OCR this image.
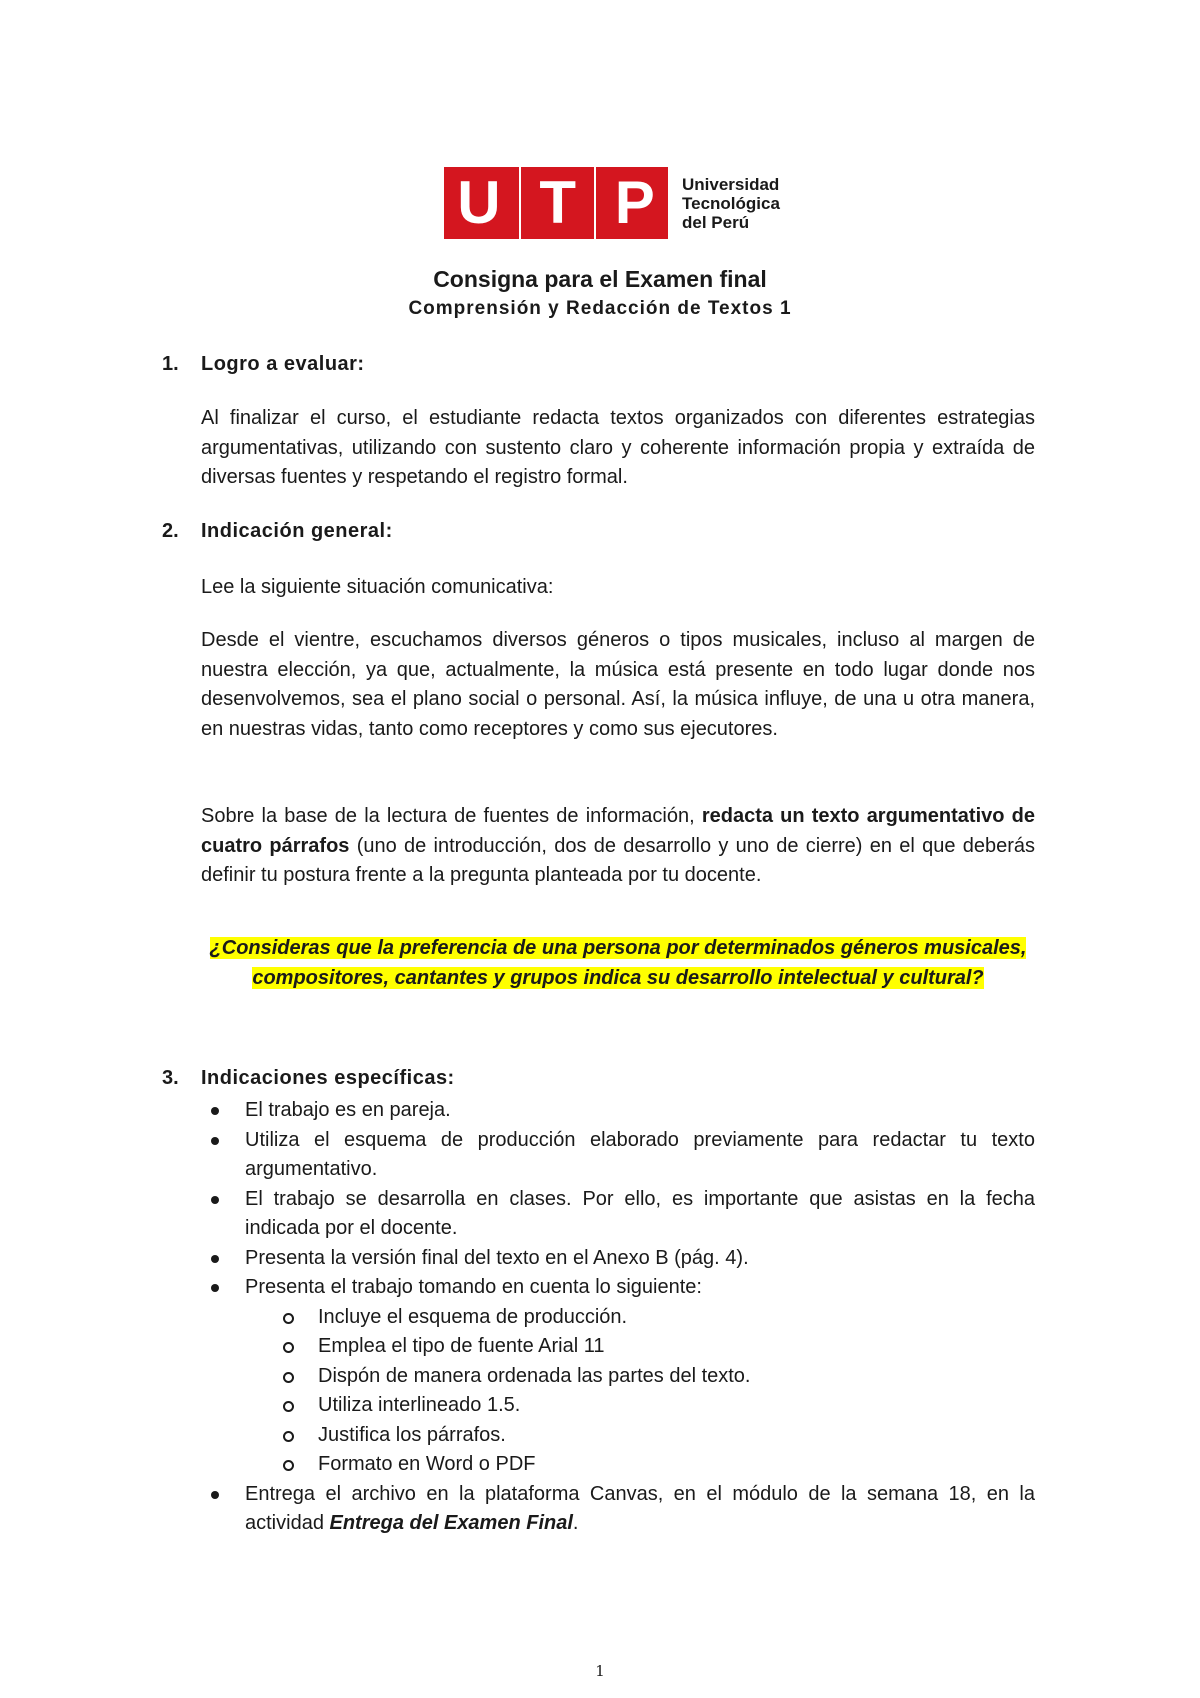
U T P Universidad
Tecnológica
del Perú
Consigna para el Examen final
Comprensión y Redacción de Textos 1
1. Logro a evaluar:
Al finalizar el curso, el estudiante redacta textos organizados con diferentes estrategias argumentativas, utilizando con sustento claro y coherente información propia y extraída de diversas fuentes y respetando el registro formal.
2. Indicación general:
Lee la siguiente situación comunicativa:
Desde el vientre, escuchamos diversos géneros o tipos musicales, incluso al margen de nuestra elección, ya que, actualmente, la música está presente en todo lugar donde nos desenvolvemos, sea el plano social o personal. Así, la música influye, de una u otra manera, en nuestras vidas, tanto como receptores y como sus ejecutores.
Sobre la base de la lectura de fuentes de información, redacta un texto argumentativo de cuatro párrafos (uno de introducción, dos de desarrollo y uno de cierre) en el que deberás definir tu postura frente a la pregunta planteada por tu docente.
¿Consideras que la preferencia de una persona por determinados géneros musicales, compositores, cantantes y grupos indica su desarrollo intelectual y cultural?
3. Indicaciones específicas:
El trabajo es en pareja.
Utiliza el esquema de producción elaborado previamente para redactar tu texto argumentativo.
El trabajo se desarrolla en clases. Por ello, es importante que asistas en la fecha indicada por el docente.
Presenta la versión final del texto en el Anexo B (pág. 4).
Presenta el trabajo tomando en cuenta lo siguiente:
Incluye el esquema de producción.
Emplea el tipo de fuente Arial 11
Dispón de manera ordenada las partes del texto.
Utiliza interlineado 1.5.
Justifica los párrafos.
Formato en Word o PDF
Entrega el archivo en la plataforma Canvas, en el módulo de la semana 18, en la actividad Entrega del Examen Final.
1
